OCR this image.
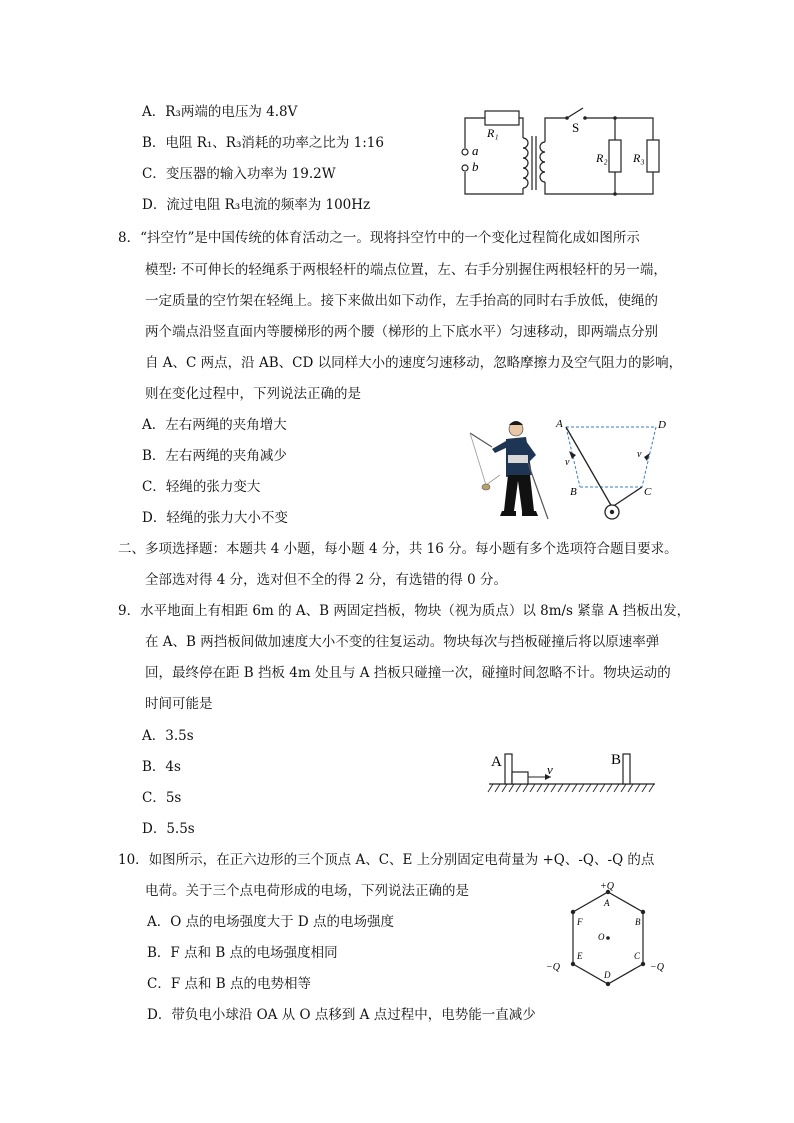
A．R₃两端的电压为 4.8V
B．电阻 R₁、R₃消耗的功率之比为 1:16
C．变压器的输入功率为 19.2W
D．流过电阻 R₃电流的频率为 100Hz
R₁	S
R₂ R₃
a
b
8．“抖空竹”是中国传统的体育活动之一。现将抖空竹中的一个变化过程简化成如图所示
模型: 不可伸长的轻绳系于两根轻杆的端点位置，左、右手分别握住两根轻杆的另一端，
一定质量的空竹架在轻绳上。接下来做出如下动作，左手抬高的同时右手放低，使绳的
两个端点沿竖直面内等腰梯形的两个腰（梯形的上下底水平）匀速移动，即两端点分别
自 A、C 两点，沿 AB、CD 以同样大小的速度匀速移动，忽略摩擦力及空气阻力的影响，
则在变化过程中，下列说法正确的是
A．左右两绳的夹角增大
B．左右两绳的夹角减少
C．轻绳的张力变大
D．轻绳的张力大小不变
A	D
B	C
v
v
二、多项选择题：本题共 4 小题，每小题 4 分，共 16 分。每小题有多个选项符合题目要求。
全部选对得 4 分，选对但不全的得 2 分，有选错的得 0 分。
9．水平地面上有相距 6m 的 A、B 两固定挡板，物块（视为质点）以 8m/s 紧靠 A 挡板出发，
在 A、B 两挡板间做加速度大小不变的往复运动。物块每次与挡板碰撞后将以原速率弹
回，最终停在距 B 挡板 4m 处且与 A 挡板只碰撞一次，碰撞时间忽略不计。物块运动的
时间可能是
A．3.5s
B．4s
C．5s
D．5.5s
A	B
v
10．如图所示，在正六边形的三个顶点 A、C、E 上分别固定电荷量为 +Q、-Q、-Q 的点
电荷。关于三个点电荷形成的电场，下列说法正确的是
A．O 点的电场强度大于 D 点的电场强度
B．F 点和 B 点的电场强度相同
C．F 点和 B 点的电势相等
D．带负电小球沿 OA 从 O 点移到 A 点过程中，电势能一直减少
+Q
−Q
−Q
A
B
C
D
E
F
O
